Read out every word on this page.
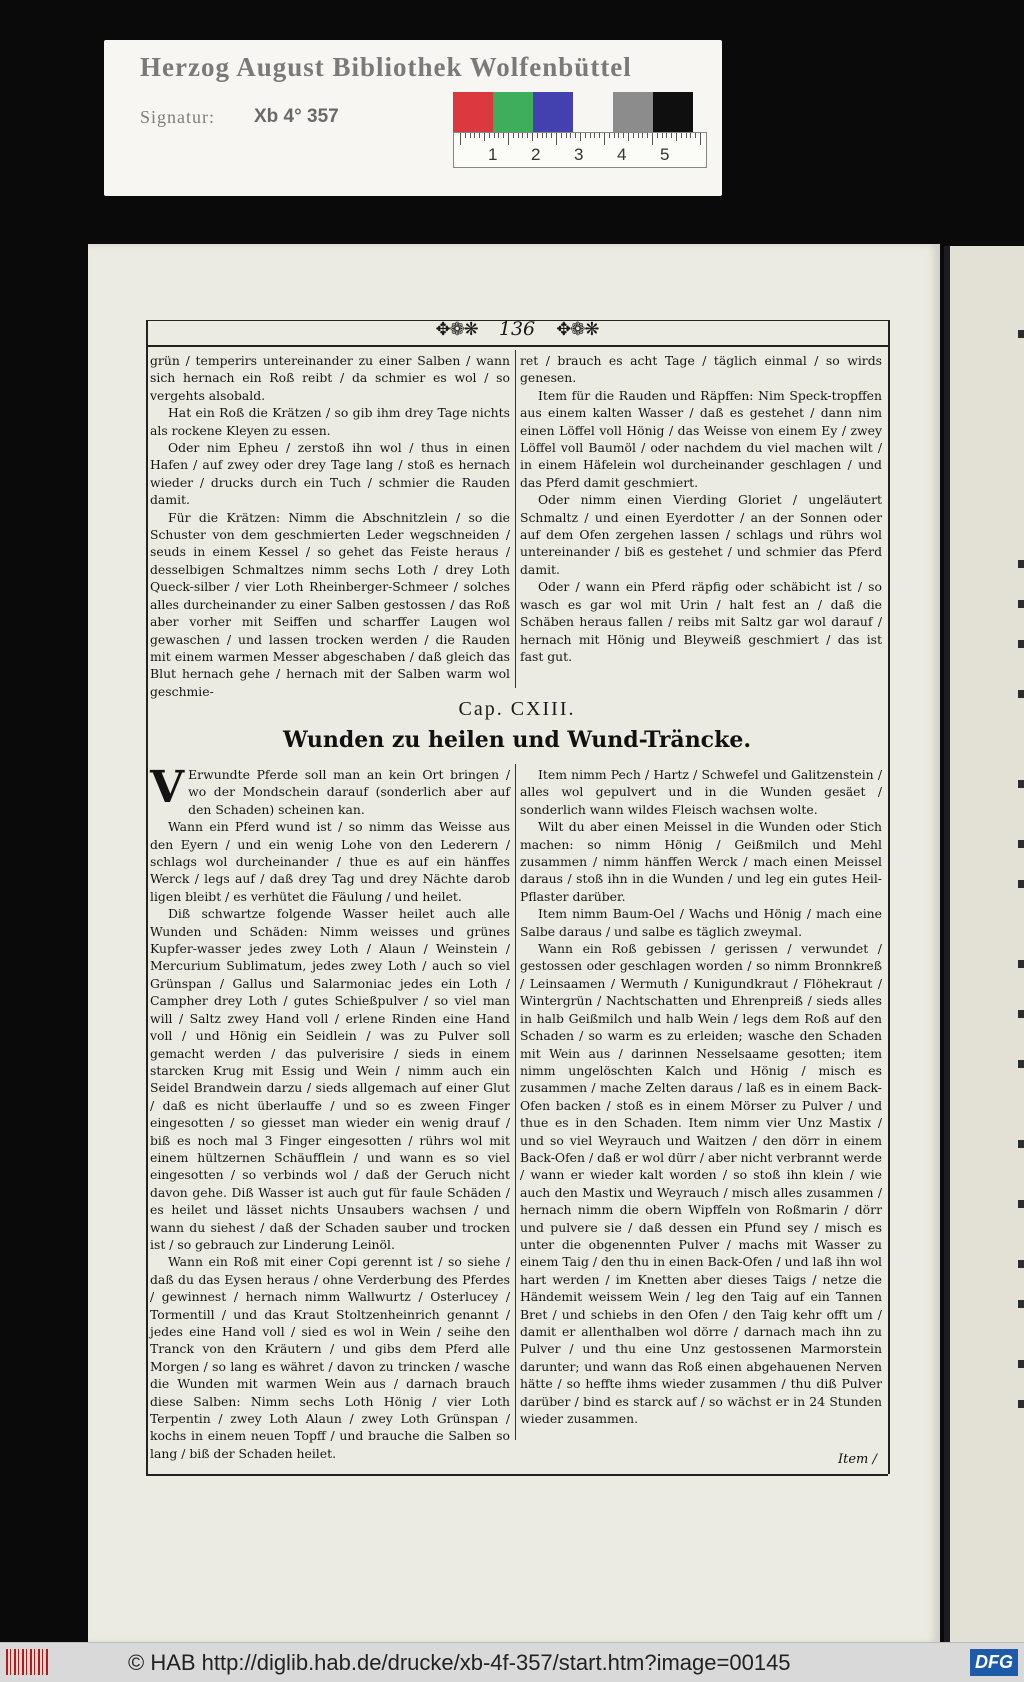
Herzog August Bibliothek Wolfenbüttel
Signatur: Xb 4° 357
1 2 3 4 5
✥❁❋ 136 ✥❁❋

grün / temperirs untereinander zu einer Salben / wann sich hernach ein Roß reibt / da schmier es wol / so vergehts alsobald.

Hat ein Roß die Krätzen / so gib ihm drey Tage nichts als rockene Kleyen zu essen.

Oder nim Epheu / zerstoß ihn wol / thus in einen Hafen / auf zwey oder drey Tage lang / stoß es hernach wieder / drucks durch ein Tuch / schmier die Rauden damit.

Für die Krätzen: Nimm die Abschnitzlein / so die Schuster von dem geschmierten Leder wegschneiden / seuds in einem Kessel / so gehet das Feiste heraus / desselbigen Schmaltzes nimm sechs Loth / drey Loth Queck-silber / vier Loth Rheinberger-Schmeer / solches alles durcheinander zu einer Salben gestossen / das Roß aber vorher mit Seiffen und scharffer Laugen wol gewaschen / und lassen trocken werden / die Rauden mit einem warmen Messer abgeschaben / daß gleich das Blut hernach gehe / hernach mit der Salben warm wol geschmie-

ret / brauch es acht Tage / täglich einmal / so wirds genesen.

Item für die Rauden und Räpffen: Nim Speck-tropffen aus einem kalten Wasser / daß es gestehet / dann nim einen Löffel voll Hönig / das Weisse von einem Ey / zwey Löffel voll Baumöl / oder nachdem du viel machen wilt / in einem Häfelein wol durcheinander geschlagen / und das Pferd damit geschmiert.

Oder nimm einen Vierding Gloriet / ungeläutert Schmaltz / und einen Eyerdotter / an der Sonnen oder auf dem Ofen zergehen lassen / schlags und rührs wol untereinander / biß es gestehet / und schmier das Pferd damit.

Oder / wann ein Pferd räpfig oder schäbicht ist / so wasch es gar wol mit Urin / halt fest an / daß die Schäben heraus fallen / reibs mit Saltz gar wol darauf / hernach mit Hönig und Bleyweiß geschmiert / das ist fast gut.

Cap. CXIII.
Wunden zu heilen und Wund-Träncke.

V Erwundte Pferde soll man an kein Ort bringen / wo der Mondschein darauf (sonderlich aber auf den Schaden) scheinen kan.

Wann ein Pferd wund ist / so nimm das Weisse aus den Eyern / und ein wenig Lohe von den Lederern / schlags wol durcheinander / thue es auf ein hänffes Werck / legs auf / daß drey Tag und drey Nächte darob ligen bleibt / es verhütet die Fäulung / und heilet.

Diß schwartze folgende Wasser heilet auch alle Wunden und Schäden: Nimm weisses und grünes Kupfer-wasser jedes zwey Loth / Alaun / Weinstein / Mercurium Sublimatum, jedes zwey Loth / auch so viel Grünspan / Gallus und Salarmoniac jedes ein Loth / Campher drey Loth / gutes Schießpulver / so viel man will / Saltz zwey Hand voll / erlene Rinden eine Hand voll / und Hönig ein Seidlein / was zu Pulver soll gemacht werden / das pulverisire / sieds in einem starcken Krug mit Essig und Wein / nimm auch ein Seidel Brandwein darzu / sieds allgemach auf einer Glut / daß es nicht überlauffe / und so es zween Finger eingesotten / so giesset man wieder ein wenig drauf / biß es noch mal 3 Finger eingesotten / rührs wol mit einem hültzernen Schäufflein / und wann es so viel eingesotten / so verbinds wol / daß der Geruch nicht davon gehe. Diß Wasser ist auch gut für faule Schäden / es heilet und lässet nichts Unsaubers wachsen / und wann du siehest / daß der Schaden sauber und trocken ist / so gebrauch zur Linderung Leinöl.

Wann ein Roß mit einer Copi gerennt ist / so siehe / daß du das Eysen heraus / ohne Verderbung des Pferdes / gewinnest / hernach nimm Wallwurtz / Osterlucey / Tormentill / und das Kraut Stoltzenheinrich genannt / jedes eine Hand voll / sied es wol in Wein / seihe den Tranck von den Kräutern / und gibs dem Pferd alle Morgen / so lang es währet / davon zu trincken / wasche die Wunden mit warmen Wein aus / darnach brauch diese Salben: Nimm sechs Loth Hönig / vier Loth Terpentin / zwey Loth Alaun / zwey Loth Grünspan / kochs in einem neuen Topff / und brauche die Salben so lang / biß der Schaden heilet.

Item nimm Pech / Hartz / Schwefel und Galitzenstein / alles wol gepulvert und in die Wunden gesäet / sonderlich wann wildes Fleisch wachsen wolte.

Wilt du aber einen Meissel in die Wunden oder Stich machen: so nimm Hönig / Geißmilch und Mehl zusammen / nimm hänffen Werck / mach einen Meissel daraus / stoß ihn in die Wunden / und leg ein gutes Heil-Pflaster darüber.

Item nimm Baum-Oel / Wachs und Hönig / mach eine Salbe daraus / und salbe es täglich zweymal.

Wann ein Roß gebissen / gerissen / verwundet / gestossen oder geschlagen worden / so nimm Bronnkreß / Leinsaamen / Wermuth / Kunigundkraut / Flöhekraut / Wintergrün / Nachtschatten und Ehrenpreiß / sieds alles in halb Geißmilch und halb Wein / legs dem Roß auf den Schaden / so warm es zu erleiden; wasche den Schaden mit Wein aus / darinnen Nesselsaame gesotten; item nimm ungelöschten Kalch und Hönig / misch es zusammen / mache Zelten daraus / laß es in einem Back-Ofen backen / stoß es in einem Mörser zu Pulver / und thue es in den Schaden. Item nimm vier Unz Mastix / und so viel Weyrauch und Waitzen / den dörr in einem Back-Ofen / daß er wol dürr / aber nicht verbrannt werde / wann er wieder kalt worden / so stoß ihn klein / wie auch den Mastix und Weyrauch / misch alles zusammen / hernach nimm die obern Wipffeln von Roßmarin / dörr und pulvere sie / daß dessen ein Pfund sey / misch es unter die obgenennten Pulver / machs mit Wasser zu einem Taig / den thu in einen Back-Ofen / und laß ihn wol hart werden / im Knetten aber dieses Taigs / netze die Händemit weissem Wein / leg den Taig auf ein Tannen Bret / und schiebs in den Ofen / den Taig kehr offt um / damit er allenthalben wol dörre / darnach mach ihn zu Pulver / und thu eine Unz gestossenen Marmorstein darunter; und wann das Roß einen abgehauenen Nerven hätte / so heffte ihms wieder zusammen / thu diß Pulver darüber / bind es starck auf / so wächst er in 24 Stunden wieder zusammen.

Item /
© HAB http://diglib.hab.de/drucke/xb-4f-357/start.htm?image=00145	DFG
